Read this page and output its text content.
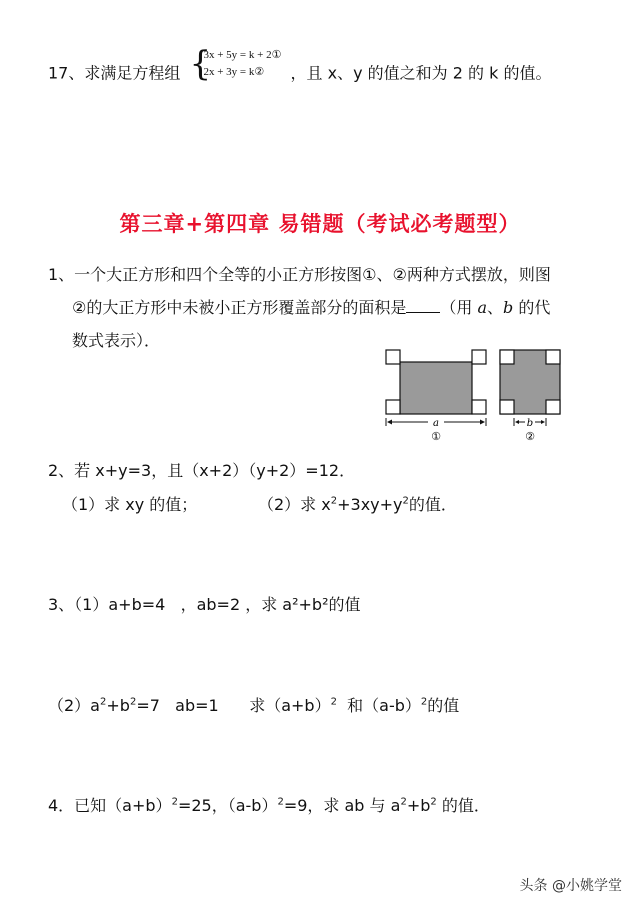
17、求满足方程组 {
3x + 5y = k + 2①
2x + 3y = k②	，且 x、y 的值之和为 2 的 k 的值。
第三章+第四章 易错题（考试必考题型）
1、一个大正方形和四个全等的小正方形按图①、②两种方式摆放，则图
②的大正方形中未被小正方形覆盖部分的面积是 （用 a、b 的代
数式表示）．
a
①
b
②
2、若 x+y=3，且（x+2）（y+2）=12．
（1）求 xy 的值；	（2）求 $x^2+3xy+y^2$的值．
3、（1）a+b=4   ，ab=2 ，求 a²+b²的值
$(2)a^2+b^2=7$   ab=1      求$(a+b)^2$  和$(a-b)^2$的值
4．已知$(a+b)^2=25$，$(a-b)^2=9$，求 ab 与 $a^2+b^2$ 的值．
头条 @小姚学堂
